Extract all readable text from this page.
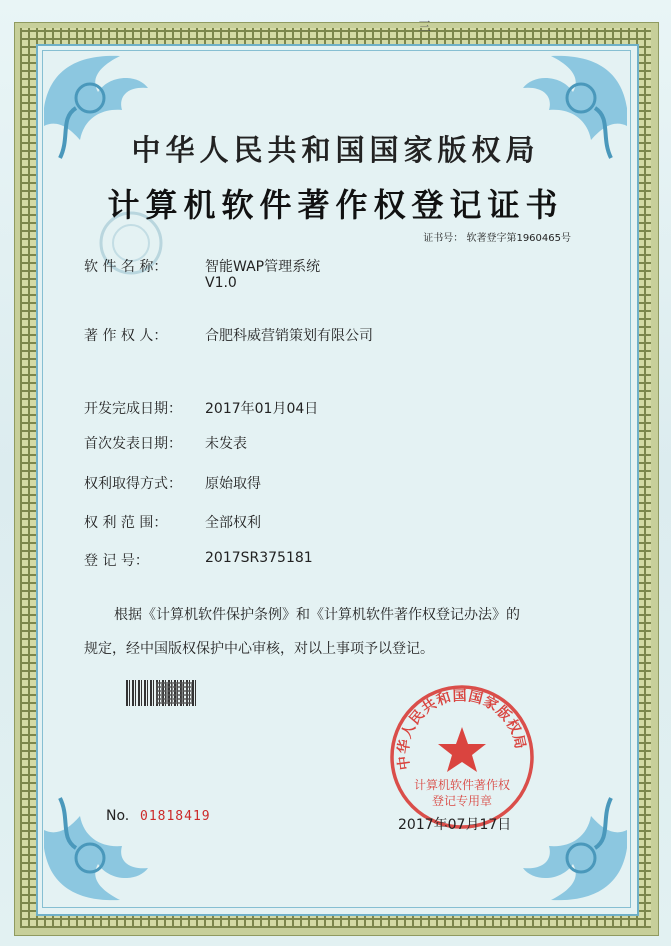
三
中华人民共和国国家版权局
计算机软件著作权登记证书
证书号： 软著登字第1960465号
软 件 名 称：	智能WAP管理系统
V1.0
著 作 权 人：	合肥科威营销策划有限公司
开发完成日期： 2017年01月04日
首次发表日期： 未发表
权利取得方式： 原始取得
权 利 范 围：	全部权利
登 记 号：	2017SR375181
根据《计算机软件保护条例》和《计算机软件著作权登记办法》的
规定，经中国版权保护中心审核，对以上事项予以登记。
中华人民共和国国家版权局
计算机软件著作权
登记专用章
No. 01818419
2017年07月17日
